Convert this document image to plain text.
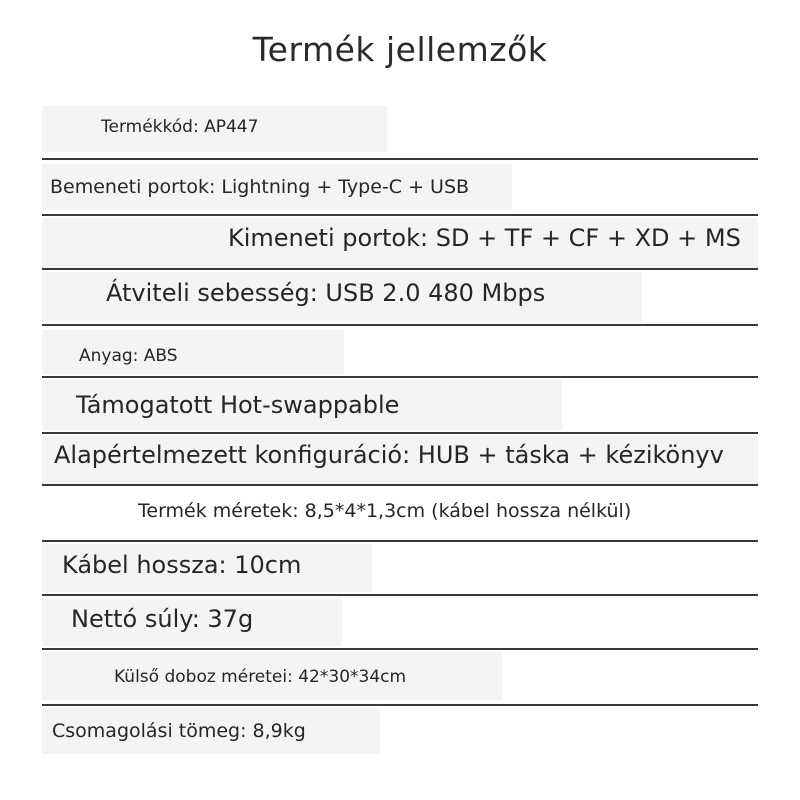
Termék jellemzők
Termékkód: AP447
Bemeneti portok: Lightning + Type-C + USB
Kimeneti portok: SD + TF + CF + XD + MS
Átviteli sebesség: USB 2.0 480 Mbps
Anyag: ABS
Támogatott Hot-swappable
Alapértelmezett konfiguráció: HUB + táska + kézikönyv
Termék méretek: 8,5*4*1,3cm (kábel hossza nélkül)
Kábel hossza: 10cm
Nettó súly: 37g
Külső doboz méretei: 42*30*34cm
Csomagolási tömeg: 8,9kg
